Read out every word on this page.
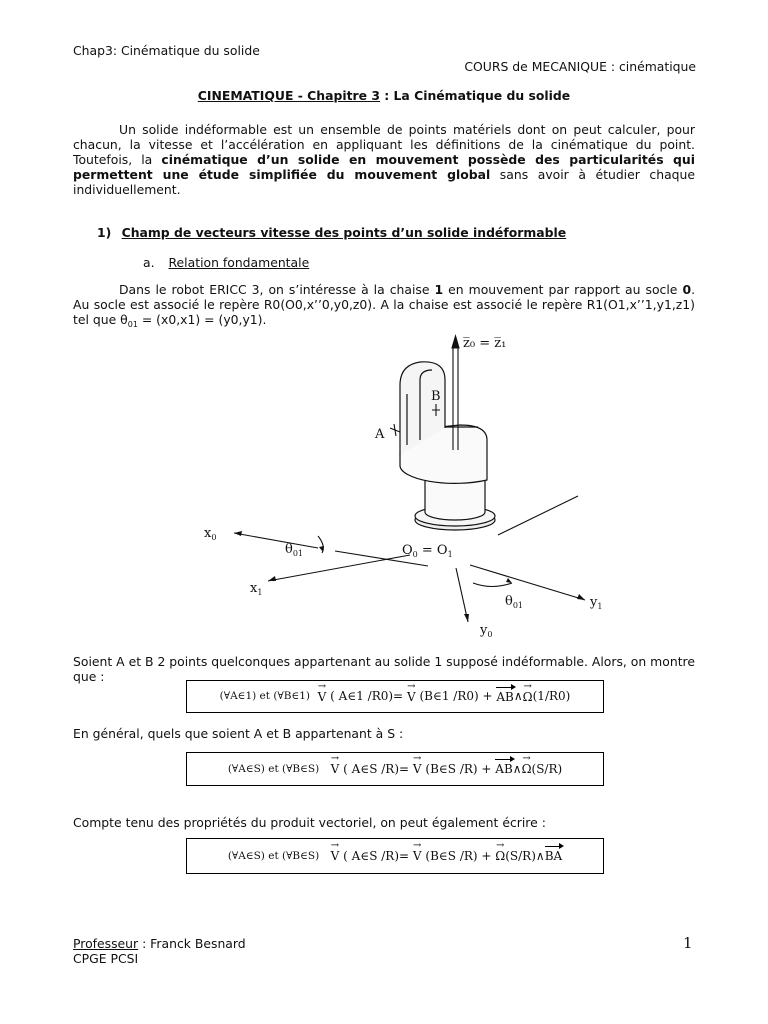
Chap3: Cinématique du solide
COURS de MECANIQUE : cinématique
CINEMATIQUE - Chapitre 3 : La Cinématique du solide
Un solide indéformable est un ensemble de points matériels dont on peut calculer, pour chacun, la vitesse et l’accélération en appliquant les définitions de la cinématique du point. Toutefois, la cinématique d’un solide en mouvement possède des particularités qui permettent une étude simplifiée du mouvement global sans avoir à étudier chaque individuellement.
1) Champ de vecteurs vitesse des points d’un solide indéformable
a. Relation fondamentale
Dans le robot ERICC 3, on s’intéresse à la chaise 1 en mouvement par rapport au socle 0. Au socle est associé le repère R0(O0,x’’0,y0,z0). A la chaise est associé le repère R1(O1,x’’1,y1,z1) tel que $\theta_{01} = (x0,x1) = (y0,y1)$.
z̅₀ = z̅₁
$x_0$
$x_1$
$y_0$
$y_1$
$\theta_{01}$
$\theta_{01}$
$O_0 = O_1$
A
B
Soient A et B 2 points quelconques appartenant au solide 1 supposé indéformable. Alors, on montre que :
(∀A∈1) et (∀B∈1)
→ V
( A∈1 /R0)=
→ V
(B∈1 /R0) +
AB ∧ → Ω (1/R0)
En général, quels que soient A et B appartenant à S :
(∀A∈S) et (∀B∈S)
→ V
( A∈S /R)=
→ V
(B∈S /R) +
AB ∧ → Ω (S/R)
Compte tenu des propriétés du produit vectoriel, on peut également écrire :
(∀A∈S) et (∀B∈S)
→ V
( A∈S /R)=
→ V
(B∈S /R) +
→ Ω (S/R) ∧ BA
Professeur : Franck Besnard
CPGE PCSI
1
